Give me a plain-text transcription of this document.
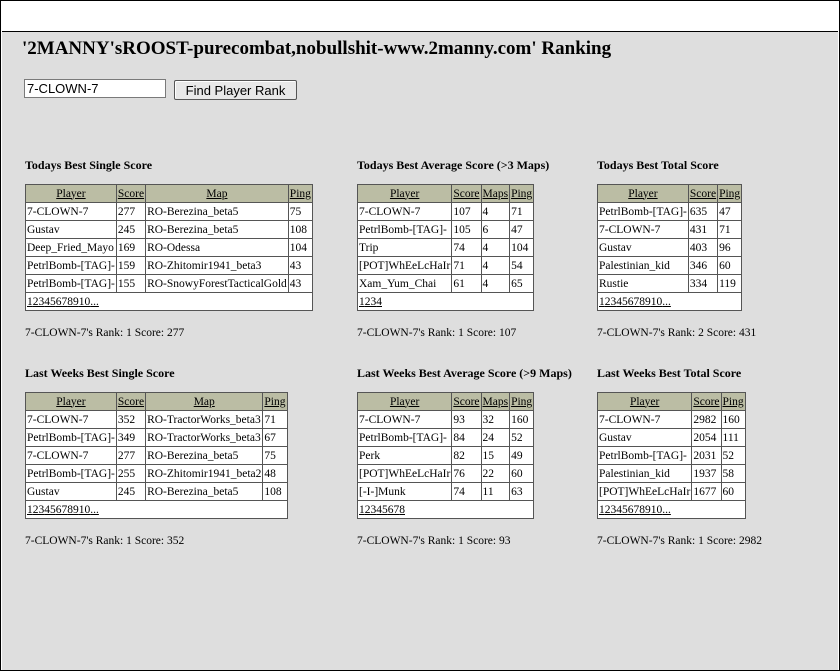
'2MANNY'sROOST-purecombat,nobullshit-www.2manny.com' Ranking
7-CLOWN-7
Find Player Rank
Todays Best Single Score
Player	Score	Map	Ping
7-CLOWN-7	277	RO-Berezina_beta5	75
Gustav	245	RO-Berezina_beta5	108
Deep_Fried_Mayo	169	RO-Odessa	104
PetrlBomb-[TAG]-	159	RO-Zhitomir1941_beta3	43
PetrlBomb-[TAG]-	155	RO-SnowyForestTacticalGold	43
12345678910...			
7-CLOWN-7's Rank: 1 Score: 277
Todays Best Average Score (>3 Maps)
Player	Score	Maps	Ping
7-CLOWN-7	107	4	71
PetrlBomb-[TAG]-	105	6	47
Trip	74	4	104
[POT]WhEeLcHaIr	71	4	54
Xam_Yum_Chai	61	4	65
1234			
7-CLOWN-7's Rank: 1 Score: 107
Todays Best Total Score
Player	Score	Ping
PetrlBomb-[TAG]-	635	47
7-CLOWN-7	431	71
Gustav	403	96
Palestinian_kid	346	60
Rustie	334	119
12345678910...		
7-CLOWN-7's Rank: 2 Score: 431
Last Weeks Best Single Score
Player	Score	Map	Ping
7-CLOWN-7	352	RO-TractorWorks_beta3	71
PetrlBomb-[TAG]-	349	RO-TractorWorks_beta3	67
7-CLOWN-7	277	RO-Berezina_beta5	75
PetrlBomb-[TAG]-	255	RO-Zhitomir1941_beta2	48
Gustav	245	RO-Berezina_beta5	108
12345678910...			
7-CLOWN-7's Rank: 1 Score: 352
Last Weeks Best Average Score (>9 Maps)
Player	Score	Maps	Ping
7-CLOWN-7	93	32	160
PetrlBomb-[TAG]-	84	24	52
Perk	82	15	49
[POT]WhEeLcHaIr	76	22	60
[-I-]Munk	74	11	63
12345678			
7-CLOWN-7's Rank: 1 Score: 93
Last Weeks Best Total Score
Player	Score	Ping
7-CLOWN-7	2982	160
Gustav	2054	111
PetrlBomb-[TAG]-	2031	52
Palestinian_kid	1937	58
[POT]WhEeLcHaIr	1677	60
12345678910...		
7-CLOWN-7's Rank: 1 Score: 2982
